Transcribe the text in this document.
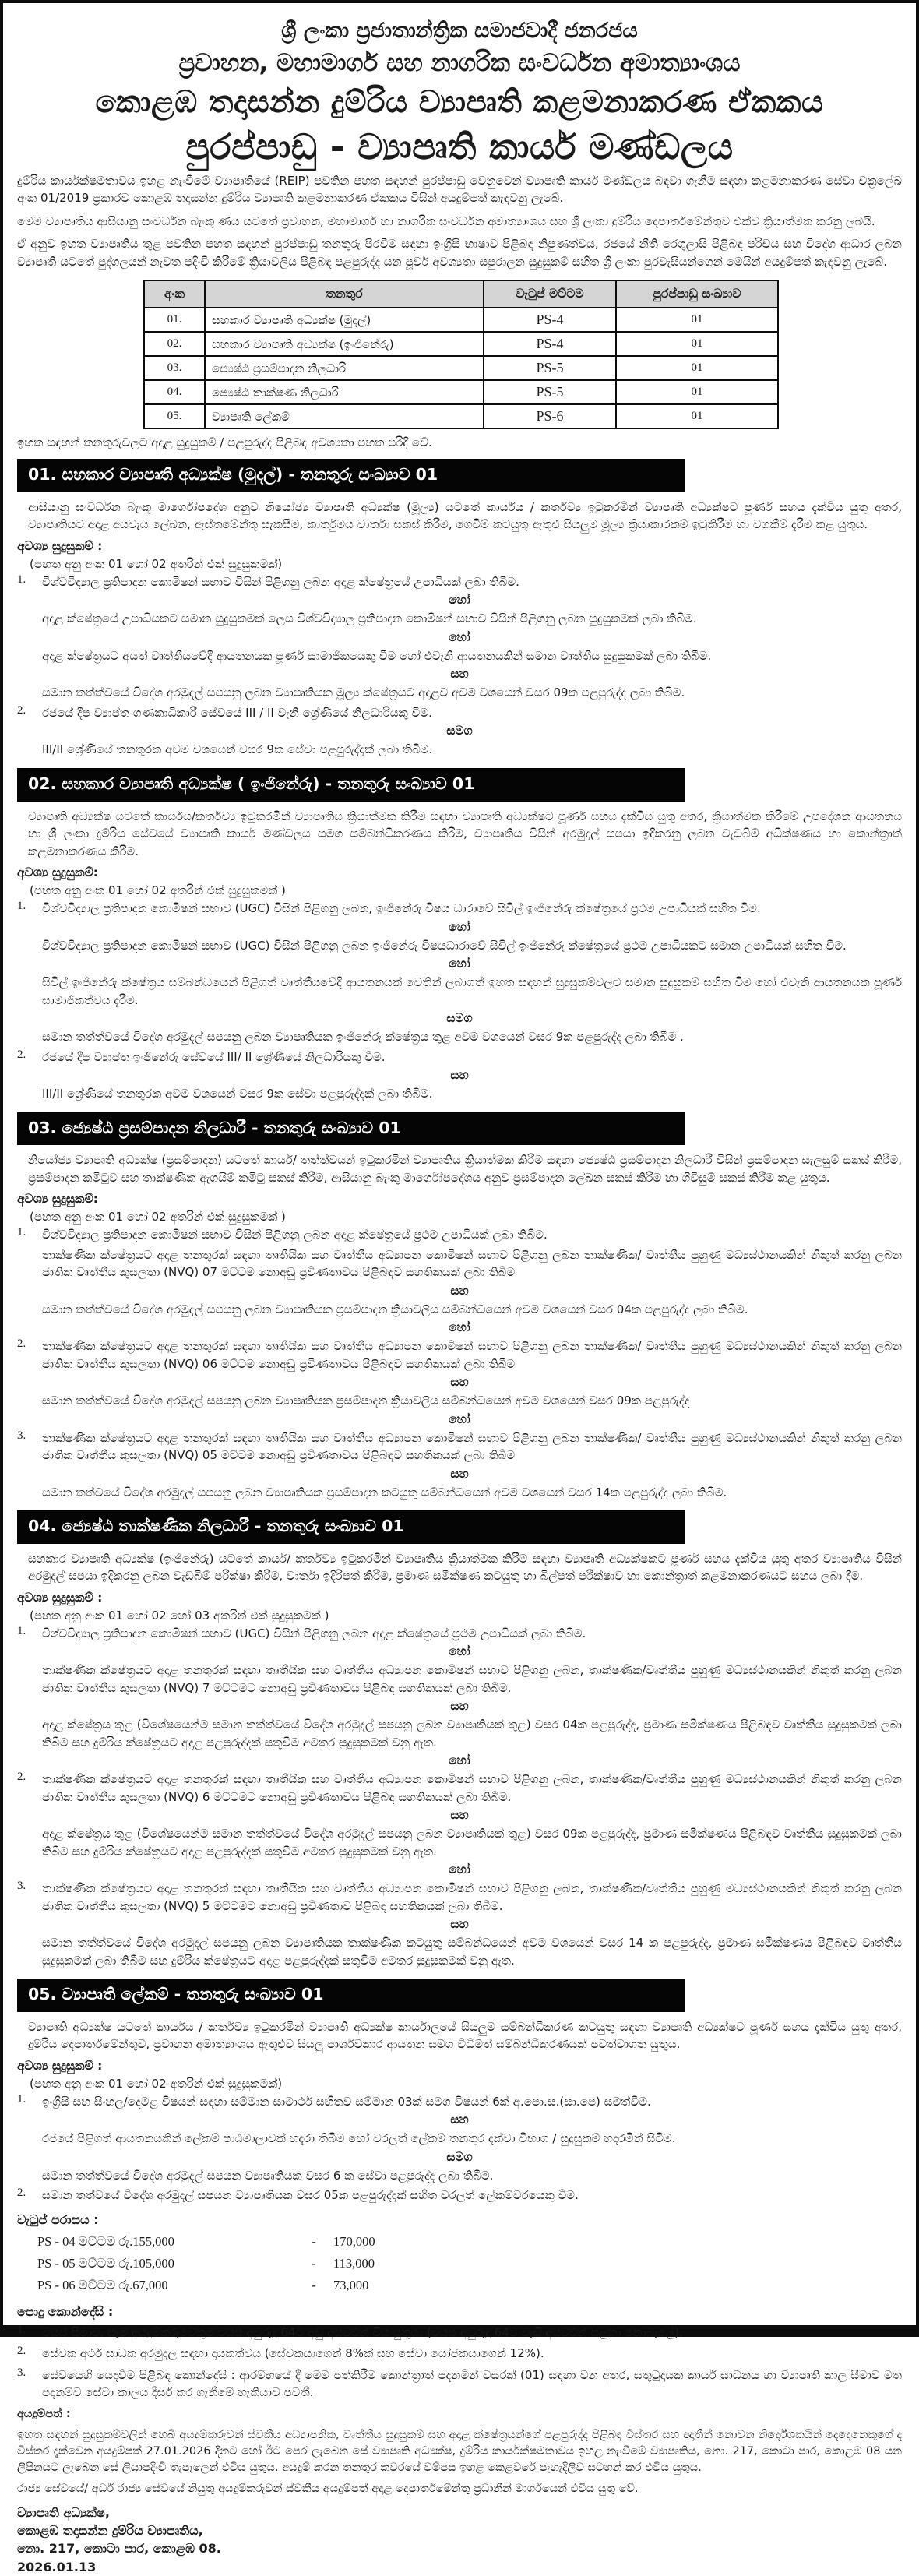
ශ්‍රී ලංකා ප්‍රජාතාන්ත්‍රික සමාජවාදී ජනරජය
ප්‍රවාහන, මහාමාර්ග සහ නාගරික සංවර්ධන අමාත්‍යාංශය
කොළඹ තදාසන්න දුම්රිය ව්‍යාපෘති කළමනාකරණ ඒකකය
පුරප්පාඩු - ව්‍යාපෘති කාර්ය මණ්ඩලය

දුම්රිය කාර්යක්ෂමතාවය ඉහළ නැංවීමේ ව්‍යාපෘතියේ (REIP) පවතින පහත සඳහන් පුරප්පාඩු වෙනුවෙන් ව්‍යාපෘති කාර්ය මණ්ඩලය බඳවා ගැනීම සඳහා කළමනාකරණ සේවා චක්‍රලේඛ අංක 01/2019 ප්‍රකාරව කොළඹ තදාසන්න දුම්රිය ව්‍යාපෘති කළමනාකරණ ඒකකය විසින් අයදුම්පත් කැඳවනු ලැබේ.

මෙම ව්‍යාපෘතිය ආසියානු සංවර්ධන බැංකු ණය යටතේ ප්‍රවාහන, මහාමාර්ග හා නාගරික සංවර්ධන අමාත්‍යාංශය සහ ශ්‍රී ලංකා දුම්රිය දෙපාර්තමේන්තුව එක්ව ක්‍රියාත්මක කරනු ලබයි.

ඒ අනුව ඉහත ව්‍යාපෘතිය තුළ පවතින පහත සඳහන් පුරප්පාඩු තනතුරු පිරවීම සඳහා ඉංග්‍රීසි භාෂාව පිළිබඳ නිපුණත්වය, රජයේ නීති රෙගුලාසි පිළිබඳ පරිචය සහ විදේශ ආධාර ලබන ව්‍යාපෘති යටතේ පුද්ගලයන් නැවත පදිංචි කිරීමේ ක්‍රියාවලිය පිළිබඳ පළපුරුද්ද යන පූර්ව අවශ්‍යතා සපුරාලන සුදුසුකම් සහිත ශ්‍රී ලංකා පුරවැසියන්ගෙන් මෙයින් අයදුම්පත් කැඳවනු ලැබේ.

අංක	තනතුර	වැටුප් මට්ටම	පුරප්පාඩු සංඛ්‍යාව
01.	සහකාර ව්‍යාපෘති අධ්‍යක්ෂ (මුදල්)	PS-4	01
02.	සහකාර ව්‍යාපෘති අධ්‍යක්ෂ (ඉංජිනේරු)	PS-4	01
03.	ජ්‍යෙෂ්ඨ ප්‍රසම්පාදන නිලධාරී	PS-5	01
04.	ජ්‍යෙෂ්ඨ තාක්ෂණ නිලධාරී	PS-5	01
05.	ව්‍යාපෘති ලේකම්	PS-6	01

ඉහත සඳහන් තනතුරුවලට අදාළ සුදුසුකම් / පළපුරුද්ද පිළිබඳ අවශ්‍යතා පහත පරිදි වේ.

01. සහකාර ව්‍යාපෘති අධ්‍යක්ෂ (මුදල්) - තනතුරු සංඛ්‍යාව 01

ආසියානු සංවර්ධන බැංකු මාර්ගෝපදේශ අනුව නියෝජ්‍ය ව්‍යාපෘති අධ්‍යක්ෂ (මූල්‍ය) යටතේ කාර්යය / කර්තව්‍ය ඉටුකරමින් ව්‍යාපෘති අධ්‍යක්ෂට පූර්ණ සහය දැක්විය යුතු අතර, ව්‍යාපෘතියට අදාළ අයවැය ලේඛන, ඇස්තමේන්තු සැකසීම, කාර්තුමය වාර්තා සකස් කිරීම, ගෙවීම් කටයුතු ඇතුළු සියලුම මූල්‍ය ක්‍රියාකාරකම් ඉටුකිරීම හා වගකීම් දැරීම කළ යුතුය.

අවශ්‍ය සුදුසුකම් :

(පහත අනු අංක 01 හෝ 02 අතරින් එක් සුදුසුකමක්)

1.	විශ්වවිද්‍යාල ප්‍රතිපාදන කොමිෂන් සභාව විසින් පිළිගනු ලබන අදාළ ක්ෂේත්‍රයේ උපාධියක් ලබා තිබීම.

හෝ

අදාළ ක්ෂේත්‍රයේ උපාධියකට සමාන සුදුසුකමක් ලෙස විශ්වවිද්‍යාල ප්‍රතිපාදන කොමිෂන් සභාව විසින් පිළිගනු ලබන සුදුසුකමක් ලබා තිබීම.

හෝ

අදාළ ක්ෂේත්‍රයට අයත් වෘත්තීයවේදී ආයතනයක පූර්ණ සාමාජිකයෙකු වීම හෝ එවැනි ආයතනයකින් සමාන වෘත්තීය සුදුසුකමක් ලබා තිබීම.

සහ

සමාන තත්ත්වයේ විදේශ අරමුදල් සපයනු ලබන ව්‍යාපෘතියක මූල්‍ය ක්ෂේත්‍රයට අදාළව අවම වශයෙන් වසර 09ක පළපුරුද්ද ලබා තිබීම.

2.	රජයේ දීප ව්‍යාප්ත ගණකාධිකාරී සේවයේ III / II වැනි ශ්‍රේණියේ නිලධාරියකු වීම.

සමග

III/II ශ්‍රේණියේ තනතුරක අවම වශයෙන් වසර 9ක සේවා පළපුරුද්දක් ලබා තිබීම.

02. සහකාර ව්‍යාපෘති අධ්‍යක්ෂ ( ඉංජිනේරු) - තනතුරු සංඛ්‍යාව 01

ව්‍යාපෘති අධ්‍යක්ෂ යටතේ කාර්යය/කර්තව්‍ය ඉටුකරමින් ව්‍යාපෘතිය ක්‍රියාත්මක කිරීම සඳහා ව්‍යාපෘති අධ්‍යක්ෂට පූර්ණ සහය දැක්විය යුතු අතර, ක්‍රියාත්මක කිරීමේ උපදේශන ආයතනය හා ශ්‍රී ලංකා දුම්රිය සේවයේ ව්‍යාපෘති කාර්ය මණ්ඩලය සමග සම්බන්ධීකරණය කිරීම, ව්‍යාපෘතිය විසින් අරමුදල් සපයා ඉදිකරනු ලබන වැඩබිම් අධීක්ෂණය හා කොන්ත්‍රාත් කළමනාකරණය කිරීම.

අවශ්‍ය සුදුසුකම්:

(පහත අනු අංක 01 හෝ 02 අතරින් එක් සුදුසුකමක් )

1.	විශ්වවිද්‍යාල ප්‍රතිපාදන කොමිෂන් සභාව (UGC) විසින් පිළිගනු ලබන, ඉංජිනේරු විෂය ධාරාවේ සිවිල් ඉංජිනේරු ක්ෂේත්‍රයේ ප්‍රථම උපාධියක් සහිත වීම.

හෝ

විශ්වවිද්‍යාල ප්‍රතිපාදන කොමිෂන් සභාව (UGC) විසින් පිළිගනු ලබන ඉංජිනේරු විෂයධාරාවේ සිවිල් ඉංජිනේරු ක්ෂේත්‍රයේ ප්‍රථම උපාධියකට සමාන උපාධියක් සහිත වීම.

හෝ

සිවිල් ඉංජිනේරු ක්ෂේත්‍රය සම්බන්ධයෙන් පිළිගත් වෘත්තීයවේදී ආයතනයක් වෙතින් ලබාගත් ඉහත සඳහන් සුදුසුකම්වලට සමාන සුදුසුකම් සහිත වීම හෝ එවැනි ආයතනයක පූර්ණ සාමාජිකත්වය දැරීම.

සමග

සමාන තත්ත්වයේ විදේශ අරමුදල් සපයනු ලබන ව්‍යාපෘතියක ඉංජිනේරු ක්ෂේත්‍රය තුළ අවම වශයෙන් වසර 9ක පළපුරුද්ද ලබා තිබීම .

2.	රජයේ දීප ව්‍යාප්ත ඉංජිනේරු සේවයේ III/ II ශ්‍රේණියේ නිලධාරියකු වීම.

සහ

III/II ශ්‍රේණියේ තනතුරක අවම වශයෙන් වසර 9ක සේවා පළපුරුද්දක් ලබා තිබීම.

03. ජ්‍යෙෂ්ඨ ප්‍රසම්පාදන නිලධාරී - තනතුරු සංඛ්‍යාව 01

නියෝජ්‍ය ව්‍යාපෘති අධ්‍යක්ෂ (ප්‍රසම්පාදන) යටතේ කාර්ය/ තත්ත්වයන් ඉටුකරමින් ව්‍යාපෘතිය ක්‍රියාත්මක කිරීම සඳහා ජ්‍යෙෂ්ඨ ප්‍රසම්පාදන නිලධාරී විසින් ප්‍රසම්පාදන සැලසුම් සකස් කිරීම, ප්‍රසම්පාදන කමිටුව සහ තාක්ෂණික ඇගයීම් කමිටු සකස් කිරීම, ආසියානු බැංකු මාර්ගෝපදේශය අනුව ප්‍රසම්පාදන ලේඛන සකස් කිරීම හා ගිවිසුම් සකස් කිරීම කළ යුතුය.

අවශ්‍ය සුදුසුකම්:

(පහත අනු අංක 01 හෝ 02 අතරින් එක් සුදුසුකමක් )

1.	විශ්වවිද්‍යාල ප්‍රතිපාදන කොමිෂන් සභාව විසින් පිළිගනු ලබන අදාළ ක්ෂේත්‍රයේ ප්‍රථම උපාධියක් ලබා තිබීම.

තාක්ෂණික ක්ෂේත්‍රයට අදාළ තනතුරක් සඳහා තෘතීයික සහ වෘත්තීය අධ්‍යාපන කොමිෂන් සභාව පිළිගනු ලබන තාක්ෂණික/ වෘත්තීය පුහුණු මධ්‍යස්ථානයකින් නිකුත් කරනු ලබන ජාතික වෘත්තීය කුසලතා (NVQ) 07 මට්ටම නොඅඩු ප්‍රවීණතාවය පිළිබඳව සහතිකයක් ලබා තිබීම

සහ

සමාන තත්ත්වයේ විදේශ අරමුදල් සපයනු ලබන ව්‍යාපෘතියක ප්‍රසම්පාදන ක්‍රියාවලිය සම්බන්ධයෙන් අවම වශයෙන් වසර 04ක පළපුරුද්ද ලබා තිබීම.

හෝ

2.	තාක්ෂණික ක්ෂේත්‍රයට අදාළ තනතුරක් සඳහා තෘතීයික සහ වෘත්තීය අධ්‍යාපන කොමිෂන් සභාව පිළිගනු ලබන තාක්ෂණික/ වෘත්තීය පුහුණු මධ්‍යස්ථානයකින් නිකුත් කරනු ලබන ජාතික වෘත්තීය කුසලතා (NVQ) 06 මට්ටම නොඅඩු ප්‍රවීණතාවය පිළිබඳව සහතිකයක් ලබා තිබීම

සහ

සමාන තත්ත්වයේ විදේශ අරමුදල් සපයනු ලබන ව්‍යාපෘතියක ප්‍රසම්පාදන ක්‍රියාවලිය සම්බන්ධයෙන් අවම වශයෙන් වසර 09ක පළපුරුද්ද

හෝ

3.	තාක්ෂණික ක්ෂේත්‍රයට අදාළ තනතුරක් සඳහා තෘතීයික සහ වෘත්තීය අධ්‍යාපන කොමිෂන් සභාව පිළිගනු ලබන තාක්ෂණික/ වෘත්තීය පුහුණු මධ්‍යස්ථානයකින් නිකුත් කරනු ලබන ජාතික වෘත්තීය කුසලතා (NVQ) 05 මට්ටම නොඅඩු ප්‍රවීණතාවය පිළිබඳව සහතිකයක් ලබා තිබීම

සහ

සමාන තත්වයේ විදේශ අරමුදල් සපයනු ලබන ව්‍යාපෘතියක ප්‍රසම්පාදන කටයුතු සම්බන්ධයෙන් අවම වශයෙන් වසර 14ක පළපුරුද්ද ලබා තිබීම.

04. ජ්‍යෙෂ්ඨ තාක්ෂණික නිලධාරී - තනතුරු සංඛ්‍යාව 01

සහකාර ව්‍යාපෘති අධ්‍යක්ෂ (ඉංජිනේරු) යටතේ කාර්ය/ කර්තව්‍ය ඉටුකරමින් ව්‍යාපෘතිය ක්‍රියාත්මක කිරීම සඳහා ව්‍යාපෘති අධ්‍යක්ෂකට පූර්ණ සහය දැක්විය යුතු අතර ව්‍යාපෘතිය විසින් අරමුදල් සපයා ඉදිකරනු ලබන වැඩබිම් පරීක්ෂා කිරීම, වාර්තා ඉදිරිපත් කිරීම, ප්‍රමාණ සමීක්ෂණ කටයුතු හා බිල්පත් පරීක්ෂාව හා කොන්ත්‍රාත් කළමනාකරණයට සහය ලබා දීම.

අවශ්‍ය සුදුසුකම් :

(පහත අනු අංක 01 හෝ 02 හෝ 03 අතරින් එක් සුදුසුකමක් )

1.	විශ්වවිද්‍යාල ප්‍රතිපාදන කොමිෂන් සභාව (UGC) විසින් පිළිගනු ලබන අදාළ ක්ෂේත්‍රයේ ප්‍රථම උපාධියක් ලබා තිබීම.

හෝ

තාක්ෂණික ක්ෂේත්‍රයට අදාළ තනතුරක් සඳහා තෘතීයික සහ වෘත්තීය අධ්‍යාපන කොමිෂන් සභාව පිළිගනු ලබන, තාක්ෂණික/වෘත්තීය පුහුණු මධ්‍යස්ථානයකින් නිකුත් කරනු ලබන ජාතික වෘත්තීය කුසලතා (NVQ) 7 මට්ටමට නොඅඩු ප්‍රවීණතාවය පිළිබඳ සහතිකයක් ලබා තිබීම.

සහ

අදාළ ක්ෂේත්‍රය තුළ (විශේෂයෙන්ම සමාන තත්ත්වයේ විදේශ අරමුදල් සපයනු ලබන ව්‍යාපෘතියක් තුළ) වසර 04ක පළපුරුද්ද, ප්‍රමාණ සමීක්ෂණය පිළිබඳව වෘත්තීය සුදුසුකමක් ලබා තිබීම සහ දුම්රිය ක්ෂේත්‍රයට අදාළ පළපුරුද්දක් සතුවීම අමතර සුදුසුකමක් වනු ඇත.

හෝ

2.	තාක්ෂණික ක්ෂේත්‍රයට අදාළ තනතුරක් සඳහා තෘතීයික සහ වෘත්තීය අධ්‍යාපන කොමිෂන් සභාව පිළිගනු ලබන, තාක්ෂණික/වෘත්තීය පුහුණු මධ්‍යස්ථානයකින් නිකුත් කරනු ලබන ජාතික වෘත්තීය කුසලතා (NVQ) 6 මට්ටමට නොඅඩු ප්‍රවීණතාවය පිළිබඳ සහතිකයක් ලබා තිබීම.

සහ

අදාළ ක්ෂේත්‍රය තුළ (විශේෂයෙන්ම සමාන තත්ත්වයේ විදේශ අරමුදල් සපයනු ලබන ව්‍යාපෘතියක් තුළ) වසර 09ක පළපුරුද්ද, ප්‍රමාණ සමීක්ෂණය පිළිබඳව වෘත්තීය සුදුසුකමක් ලබා තිබීම සහ දුම්රිය ක්ෂේත්‍රයට අදාළ පළපුරුද්දක් සතුවීම අමතර සුදුසුකමක් වනු ඇත.

හෝ

3.	තාක්ෂණික ක්ෂේත්‍රයට අදාළ තනතුරක් සඳහා තෘතීයික සහ වෘත්තීය අධ්‍යාපන කොමිෂන් සභාව පිළිගනු ලබන, තාක්ෂණික/වෘත්තීය පුහුණු මධ්‍යස්ථානයකින් නිකුත් කරනු ලබන ජාතික වෘත්තීය කුසලතා (NVQ) 5 මට්ටමට නොඅඩු ප්‍රවීණතාව පිළිබඳ සහතිකයක් ලබා තිබීම.

සහ

සමාන තත්ත්වයේ විදේශ අරමුදල් සපයනු ලබන ව්‍යාපෘතියක තාක්ෂණික කටයුතු සම්බන්ධයෙන් අවම වශයෙන් වසර 14 ක පළපුරුද්ද, ප්‍රමාණ සමීක්ෂණය පිළිබඳව වෘත්තීය සුදුසුකමක් ලබා තිබීම සහ දුම්රිය ක්ෂේත්‍රයට අදාළ පළපුරුද්දක් සතුවීම අමතර සුදුසුකමක් වනු ඇත.

05. ව්‍යාපෘති ලේකම් - තනතුරු සංඛ්‍යාව 01

ව්‍යාපෘති අධ්‍යක්ෂ යටතේ කාර්යය / කර්තව්‍ය ඉටුකරමින් ව්‍යාපෘති අධ්‍යක්ෂ කාර්යාලයේ සියලුම සම්බන්ධීකරණ කටයුතු සඳහා ව්‍යාපෘති අධ්‍යක්ෂට පූර්ණ සහය දැක්විය යුතු අතර, දුම්රිය දෙපාර්තමේන්තුව, ප්‍රවාහන අමාත්‍යාංශය ඇතුළුව සියලු පාර්ශවකාර ආයතන සමග විධිමත් සම්බන්ධීකරණයක් පවත්වාගත යුතුය.

අවශ්‍ය සුදුසුකම් :

(පහත අනු අංක 01 හෝ 02 අතරින් එක් සුදුසුකමක්)

1.	ඉංග්‍රීසි සහ සිංහල/දෙමළ විෂයන් සඳහා සම්මාන සාමාර්ථ සහිතව සම්මාන 03ක් සමග විෂයන් 6ක් අ.පො.ස.(සා.පෙ) සමත්වීම.

සහ

රජයේ පිළිගත් ආයතනයකින් ලේකම් පාඨමාලාවක් හදැරා තිබීම හෝ වරලත් ලේකම් තනතුර දක්වා විභාග / සුදුසුකම් හදරමින් සිටීම.

සමග

සමාන තත්ත්වයේ විදේශ අරමුදල් සපයන ව්‍යාපෘතියක වසර 6 ක සේවා පළපුරුද්ද ලබා තිබීම.

2.	සමාන තත්වයේ විදේශ අරමුදල් සපයන ව්‍යාපෘතියක වසර 05ක පළපුරුද්දක් සහිත වරලත් ලේකම්වරයෙකු වීම.

වැටුප් පරාසය :

PS - 04 මට්ටම රු.155,000	-	170,000
PS - 05 මට්ටම රු.105,000	-	113,000
PS - 06 මට්ටම රු.67,000	-	73,000

පොදු කොන්දේසි :

1.	වයස් සීමාව. සෑම අයදුම්කරුවෙකුම වයස අවුරුදු 64ට අඩු අයවළුන් විය යුතුය. (වයස අවුරුදු 64ට වැඩි අයවළුන් සළකා නොබැලේ).
2.	සේවක අර්ථ සාධක අරමුදල සඳහා දායකත්වය (සේවකයාගෙන් 8%ක් සහ සේවා යෝජකයාගෙන් 12%).
3.	සේවයෙහි යෙදවීම පිළිබඳ කොන්දේසි : ආරම්භයේ දී මෙම පත්කිරීම කොන්ත්‍රාත් පදනමින් වසරක් (01) සඳහා වන අතර, සතුටුදායක කාර්ය සාධනය හා ව්‍යාපෘති කාල සීමාව මත පදනම්ව සේවා කාලය දීර්ඝ කර ගැනීමේ හැකියාව පවතී.

අයදුම්පත් :

ඉහත සඳහන් සුදුසුකම්වලින් හෙබි අයදුම්කරුවන් ස්වකීය අධ්‍යාපනික, වෘත්තීය සුදුසුකම් සහ අදාළ ක්ෂේත්‍රයන්ගේ පළපුරුද්ද පිළිබඳ විස්තර සහ ඥාතීන් නොවන නිර්දේශකයින් දෙදෙනෙකුගේ ද විස්තර දැක්වෙන අයදුම්පත් 27.01.2026 දිනට හෝ ඊට පෙර ලැබෙන සේ ව්‍යාපෘති අධ්‍යක්ෂ, දුම්රිය කාර්යක්ෂමතාවය ඉහළ නැංවීමේ ව්‍යාපෘතිය, නො. 217, කොටා පාර, කොළඹ 08 යන ලිපිනයට ලැබෙන සේ ලියාපදිංචි තැපෑලෙන් එවිය යුතුය. අයදුම් කරන තනතුර කවරයේ වම්පස ඉහළ කෙළවරේ පැහැදිලිව සටහන් කර එවිය යුතුය.

රාජ්‍ය සේවයේ/ අර්ධ රාජ්‍ය සේවයේ නියුතු අයදුම්කරුවන් ස්වකීය අයදුම්පත් අදාළ දෙපාර්තමේන්තු ප්‍රධානීන් මාර්ගයෙන් එවිය යුතු වේ.

ව්‍යාපෘති අධ්‍යක්ෂ,
කොළඹ තදාසන්න දුම්රිය ව්‍යාපෘතිය,
නො. 217, කොටා පාර, කොළඹ 08.
2026.01.13
